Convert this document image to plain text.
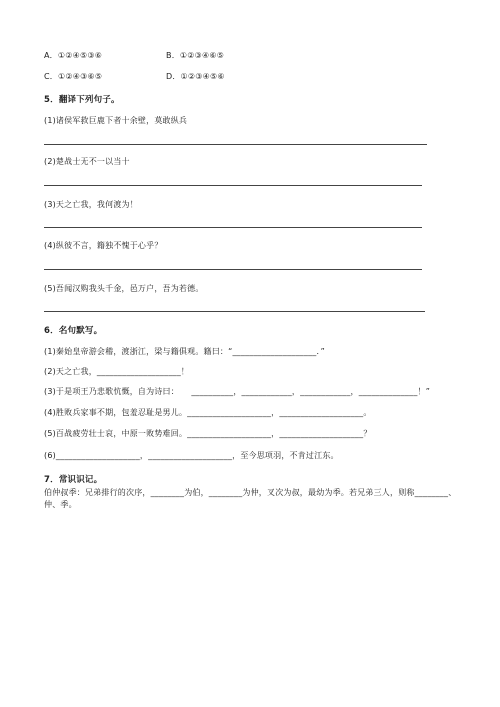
A．①②④⑤③⑥	B．①②③④⑥⑤
C．①②④③⑥⑤	D．①②③④⑤⑥
5．翻译下列句子。
(1)诸侯军救巨鹿下者十余壁，莫敢纵兵
(2)楚战士无不一以当十
(3)天之亡我，我何渡为！
(4)纵彼不言，籍独不愧于心乎？
(5)吾闻汉购我头千金，邑万户，吾为若德。
6．名句默写。
(1)秦始皇帝游会稽，渡浙江，梁与籍俱观。籍曰：“____________________．”
(2)天之亡我，____________________！
(3)于是项王乃悲歌忼慨，自为诗曰：　　__________，____________，____________，______________！”
(4)胜败兵家事不期，包羞忍耻是男儿。____________________，____________________。
(5)百战疲劳壮士哀，中原一败势难回。____________________，____________________？
(6)____________________，____________________，至今思项羽，不肯过江东。
7．常识识记。
伯仲叔季：兄弟排行的次序，________为伯，________为仲，叉次为叔，最幼为季。若兄弟三人，则称________、
仲、季。
